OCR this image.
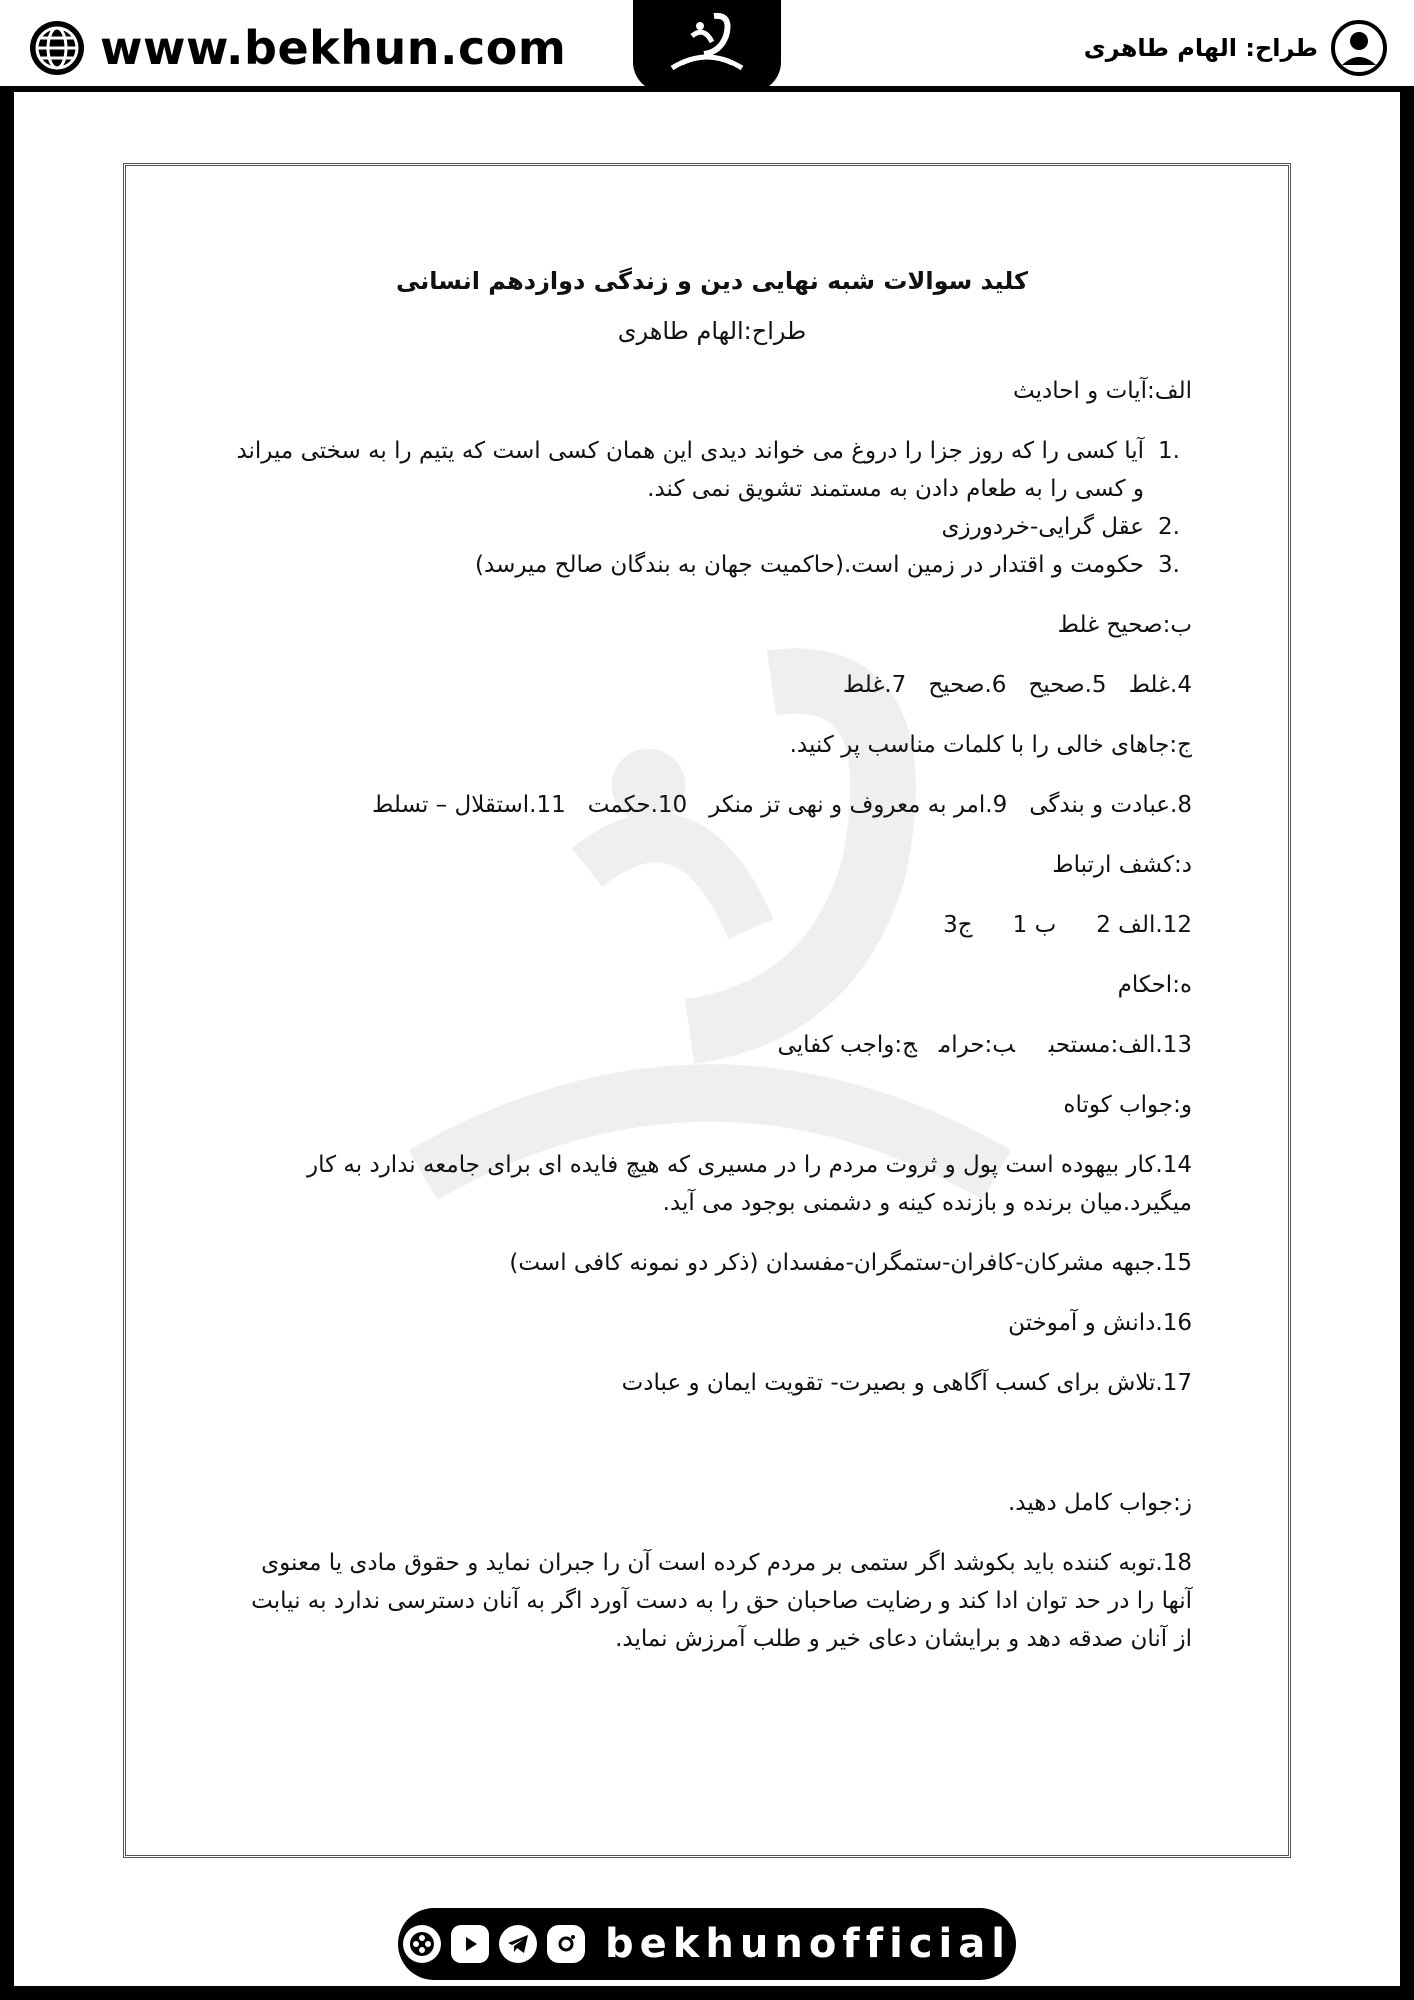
www.bekhun.com	طراح: الهام طاهری

کلید سوالات شبه نهایی دین و زندگی دوازدهم انسانی

طراح:الهام طاهری

الف:آیات و احادیث

1.
آیا کسی را که روز جزا را دروغ می خواند دیدی این همان کسی است که یتیم را به سختی میراند و کسی را به طعام دادن به مستمند تشویق نمی کند.
2.
عقل گرایی-خردورزی
3.
حکومت و اقتدار در زمین است.(حاکمیت جهان به بندگان صالح میرسد)

ب:صحیح غلط

4.غلط5.صحیح6.صحیح7.غلط

ج:جاهای خالی را با کلمات مناسب پر کنید.

8.عبادت و بندگی9.امر به معروف و نهی تز منکر10.حکمت11.استقلال – تسلط

د:کشف ارتباط

12.الف 2ب 1ج3

ه:احکام

13.الف:مستحبب:حرامج:واجب کفایی

و:جواب کوتاه

14.کار بیهوده است پول و ثروت مردم را در مسیری که هیچ فایده ای برای جامعه ندارد به کار میگیرد.میان برنده و بازنده کینه و دشمنی بوجود می آید.

15.جبهه مشرکان-کافران-ستمگران-مفسدان (ذکر دو نمونه کافی است)

16.دانش و آموختن

17.تلاش برای کسب آگاهی و بصیرت- تقویت ایمان و عبادت

ز:جواب کامل دهید.

18.توبه کننده باید بکوشد اگر ستمی بر مردم کرده است آن را جبران نماید و حقوق مادی یا معنوی آنها را در حد توان ادا کند و رضایت صاحبان حق را به دست آورد اگر به آنان دسترسی ندارد به نیابت از آنان صدقه دهد و برایشان دعای خیر و طلب آمرزش نماید.

bekhunofficial
